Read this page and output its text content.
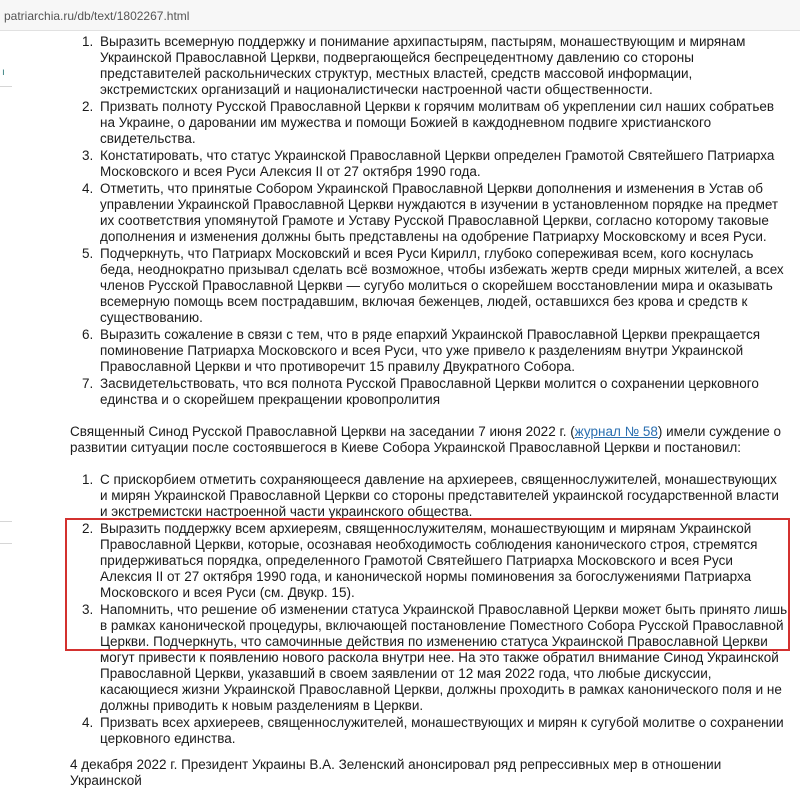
patriarchia.ru/db/text/1802267.html
ı
1. Выразить всемерную поддержку и понимание архипастырям, пастырям, монашествующим и мирянам Украинской Православной Церкви, подвергающейся беспрецедентному давлению со стороны представителей раскольнических структур, местных властей, средств массовой информации, экстремистских организаций и националистически настроенной части общественности.
2. Призвать полноту Русской Православной Церкви к горячим молитвам об укреплении сил наших собратьев на Украине, о даровании им мужества и помощи Божией в каждодневном подвиге христианского свидетельства.
3. Констатировать, что статус Украинской Православной Церкви определен Грамотой Святейшего Патриарха Московского и всея Руси Алексия II от 27 октября 1990 года.
4. Отметить, что принятые Собором Украинской Православной Церкви дополнения и изменения в Устав об управлении Украинской Православной Церкви нуждаются в изучении в установленном порядке на предмет их соответствия упомянутой Грамоте и Уставу Русской Православной Церкви, согласно которому таковые дополнения и изменения должны быть представлены на одобрение Патриарху Московскому и всея Руси.
5. Подчеркнуть, что Патриарх Московский и всея Руси Кирилл, глубоко сопереживая всем, кого коснулась беда, неоднократно призывал сделать всё возможное, чтобы избежать жертв среди мирных жителей, а всех членов Русской Православной Церкви — сугубо молиться о скорейшем восстановлении мира и оказывать всемерную помощь всем пострадавшим, включая беженцев, людей, оставшихся без крова и средств к существованию.
6. Выразить сожаление в связи с тем, что в ряде епархий Украинской Православной Церкви прекращается поминовение Патриарха Московского и всея Руси, что уже привело к разделениям внутри Украинской Православной Церкви и что противоречит 15 правилу Двукратного Собора.
7. Засвидетельствовать, что вся полнота Русской Православной Церкви молится о сохранении церковного единства и о скорейшем прекращении кровопролития

Священный Синод Русской Православной Церкви на заседании 7 июня 2022 г. (журнал № 58) имели суждение о развитии ситуации после состоявшегося в Киеве Собора Украинской Православной Церкви и постановил:

1. С прискорбием отметить сохраняющееся давление на архиереев, священнослужителей, монашествующих и мирян Украинской Православной Церкви со стороны представителей украинской государственной власти и экстремистски настроенной части украинского общества.
2. Выразить поддержку всем архиереям, священнослужителям, монашествующим и мирянам Украинской Православной Церкви, которые, осознавая необходимость соблюдения канонического строя, стремятся придерживаться порядка, определенного Грамотой Святейшего Патриарха Московского и всея Руси Алексия II от 27 октября 1990 года, и канонической нормы поминовения за богослужениями Патриарха Московского и всея Руси (см. Двукр. 15).
3. Напомнить, что решение об изменении статуса Украинской Православной Церкви может быть принято лишь в рамках канонической процедуры, включающей постановление Поместного Собора Русской Православной Церкви. Подчеркнуть, что самочинные действия по изменению статуса Украинской Православной Церкви могут привести к появлению нового раскола внутри нее. На это также обратил внимание Синод Украинской Православной Церкви, указавший в своем заявлении от 12 мая 2022 года, что любые дискуссии, касающиеся жизни Украинской Православной Церкви, должны проходить в рамках канонического поля и не должны приводить к новым разделениям в Церкви.
4. Призвать всех архиереев, священнослужителей, монашествующих и мирян к сугубой молитве о сохранении церковного единства.

4 декабря 2022 г. Президент Украины В.А. Зеленский анонсировал ряд репрессивных мер в отношении Украинской
